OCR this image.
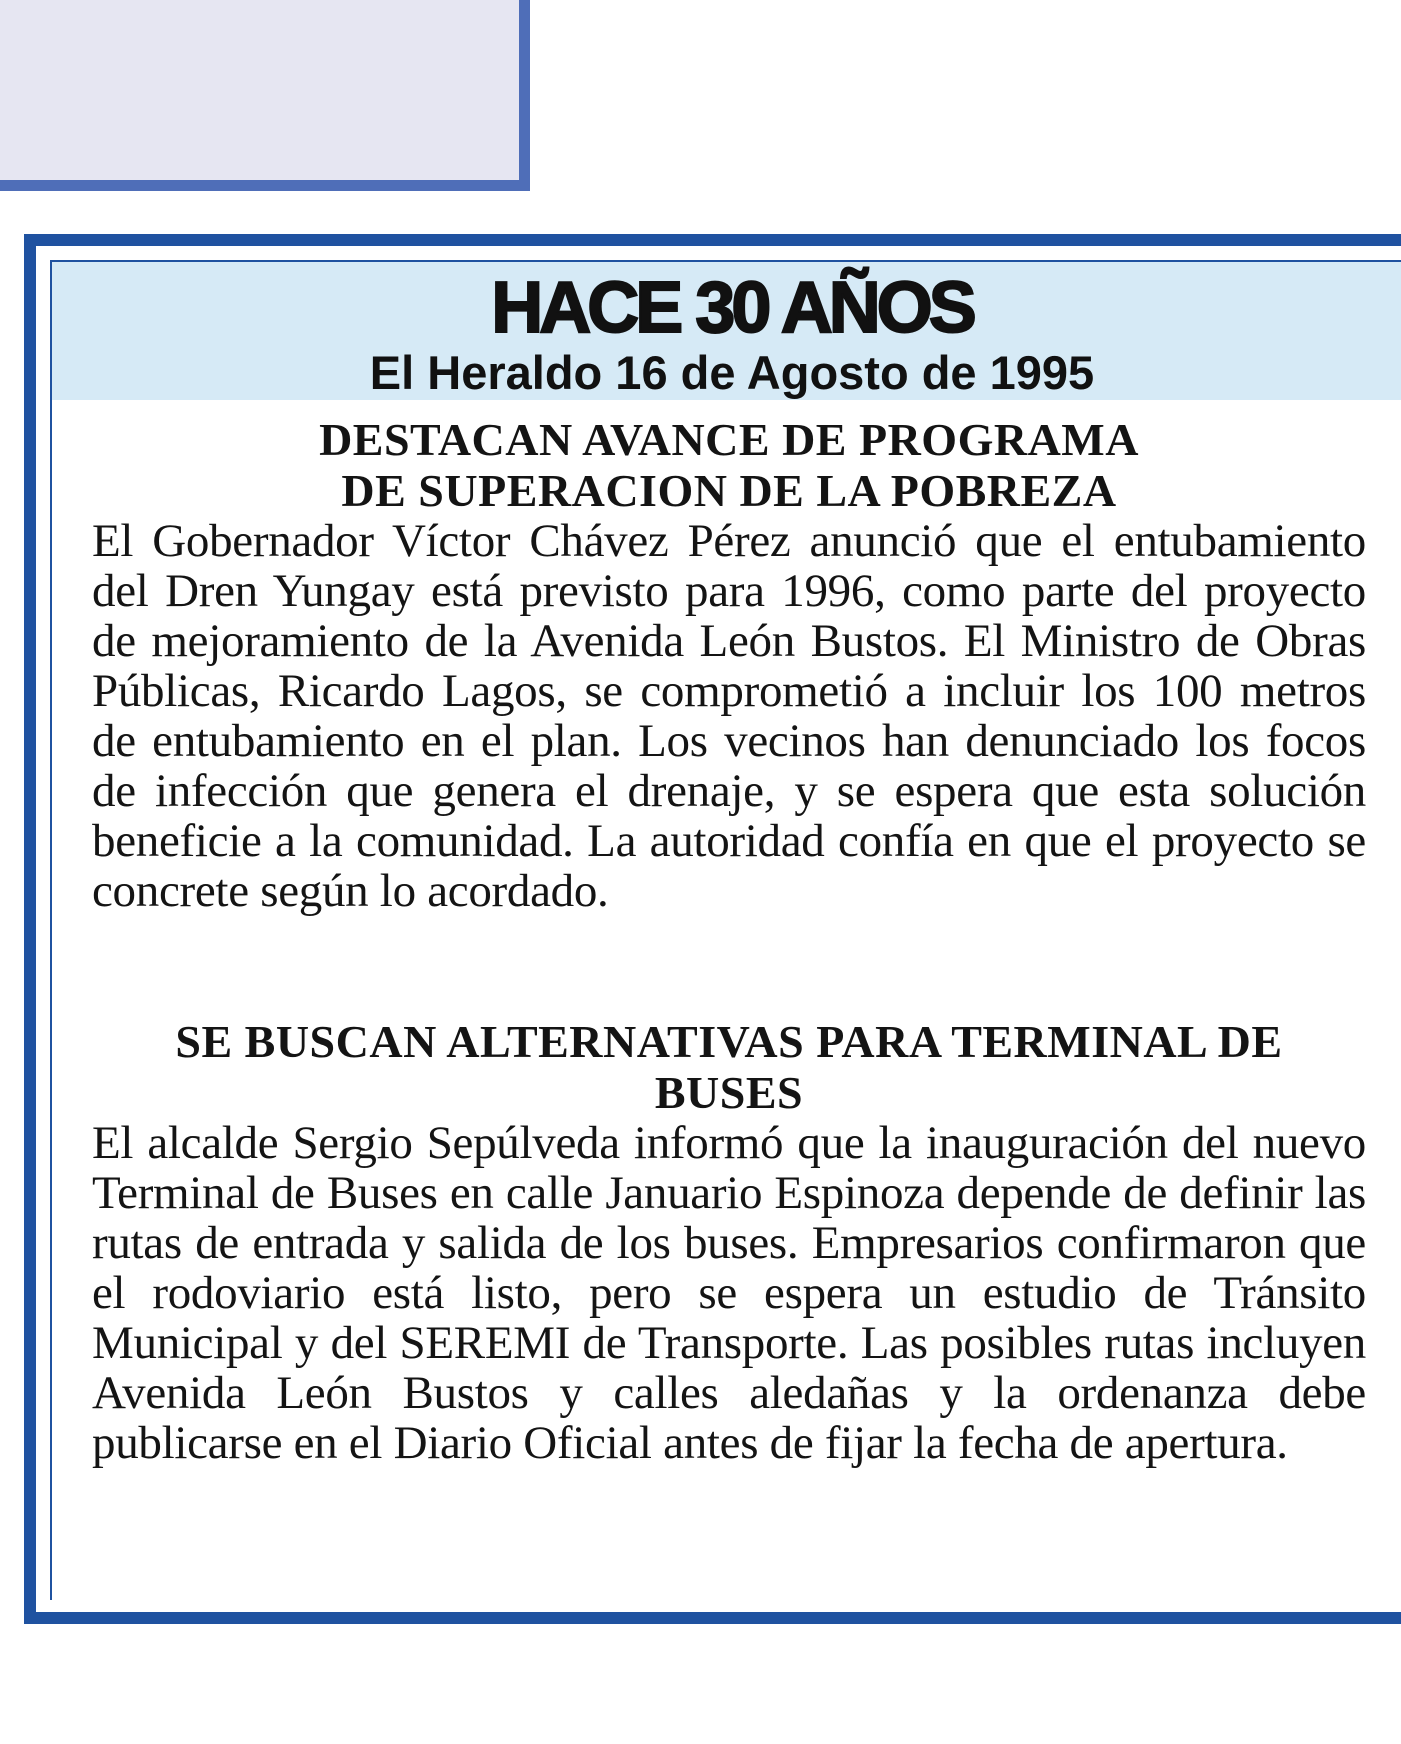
HACE 30 AÑOS
El Heraldo 16 de Agosto de 1995
DESTACAN AVANCE DE PROGRAMA
DE SUPERACION DE LA POBREZA

El Gobernador Víctor Chávez Pérez anunció que el entubamiento del Dren Yungay está previsto para 1996, como parte del proyecto de mejoramiento de la Avenida León Bustos. El Ministro de Obras Públicas, Ricardo Lagos, se comprometió a incluir los 100 metros de entubamiento en el plan. Los vecinos han denunciado los focos de infección que genera el drenaje, y se espera que esta solución beneficie a la comunidad. La autoridad confía en que el proyecto se concrete según lo acordado.

SE BUSCAN ALTERNATIVAS PARA TERMINAL DE
BUSES

El alcalde Sergio Sepúlveda informó que la inauguración del nuevo Terminal de Buses en calle Januario Espinoza depende de definir las rutas de entrada y salida de los buses. Empresarios confirmaron que el rodoviario está listo, pero se espera un estudio de Tránsito Municipal y del SEREMI de Transporte. Las posibles rutas incluyen Avenida León Bustos y calles aledañas y la ordenanza debe publicarse en el Diario Oficial antes de fijar la fecha de apertura.
